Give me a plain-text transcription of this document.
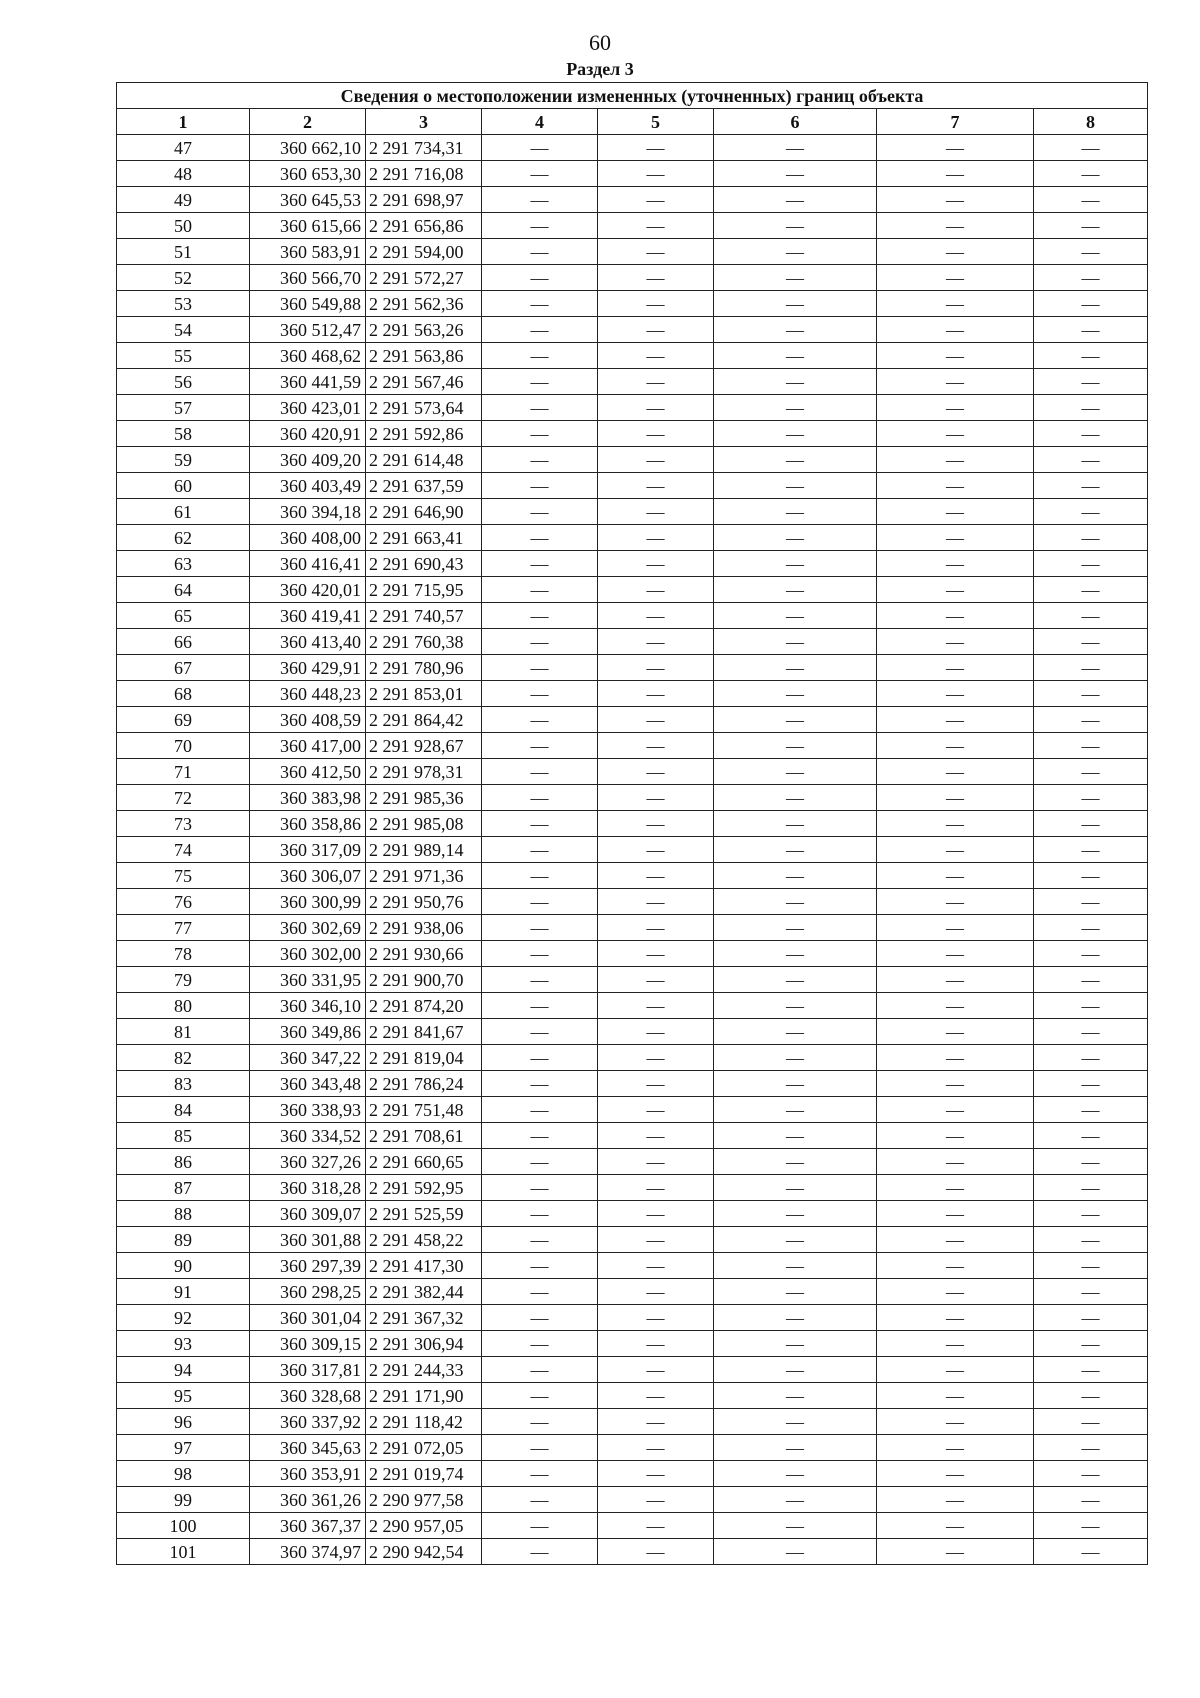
60
Раздел 3
Сведения о местоположении измененных (уточненных) границ объекта							
1	2	3	4	5	6	7	8
47	360 662,10	2 291 734,31	—	—	—	—	—
48	360 653,30	2 291 716,08	—	—	—	—	—
49	360 645,53	2 291 698,97	—	—	—	—	—
50	360 615,66	2 291 656,86	—	—	—	—	—
51	360 583,91	2 291 594,00	—	—	—	—	—
52	360 566,70	2 291 572,27	—	—	—	—	—
53	360 549,88	2 291 562,36	—	—	—	—	—
54	360 512,47	2 291 563,26	—	—	—	—	—
55	360 468,62	2 291 563,86	—	—	—	—	—
56	360 441,59	2 291 567,46	—	—	—	—	—
57	360 423,01	2 291 573,64	—	—	—	—	—
58	360 420,91	2 291 592,86	—	—	—	—	—
59	360 409,20	2 291 614,48	—	—	—	—	—
60	360 403,49	2 291 637,59	—	—	—	—	—
61	360 394,18	2 291 646,90	—	—	—	—	—
62	360 408,00	2 291 663,41	—	—	—	—	—
63	360 416,41	2 291 690,43	—	—	—	—	—
64	360 420,01	2 291 715,95	—	—	—	—	—
65	360 419,41	2 291 740,57	—	—	—	—	—
66	360 413,40	2 291 760,38	—	—	—	—	—
67	360 429,91	2 291 780,96	—	—	—	—	—
68	360 448,23	2 291 853,01	—	—	—	—	—
69	360 408,59	2 291 864,42	—	—	—	—	—
70	360 417,00	2 291 928,67	—	—	—	—	—
71	360 412,50	2 291 978,31	—	—	—	—	—
72	360 383,98	2 291 985,36	—	—	—	—	—
73	360 358,86	2 291 985,08	—	—	—	—	—
74	360 317,09	2 291 989,14	—	—	—	—	—
75	360 306,07	2 291 971,36	—	—	—	—	—
76	360 300,99	2 291 950,76	—	—	—	—	—
77	360 302,69	2 291 938,06	—	—	—	—	—
78	360 302,00	2 291 930,66	—	—	—	—	—
79	360 331,95	2 291 900,70	—	—	—	—	—
80	360 346,10	2 291 874,20	—	—	—	—	—
81	360 349,86	2 291 841,67	—	—	—	—	—
82	360 347,22	2 291 819,04	—	—	—	—	—
83	360 343,48	2 291 786,24	—	—	—	—	—
84	360 338,93	2 291 751,48	—	—	—	—	—
85	360 334,52	2 291 708,61	—	—	—	—	—
86	360 327,26	2 291 660,65	—	—	—	—	—
87	360 318,28	2 291 592,95	—	—	—	—	—
88	360 309,07	2 291 525,59	—	—	—	—	—
89	360 301,88	2 291 458,22	—	—	—	—	—
90	360 297,39	2 291 417,30	—	—	—	—	—
91	360 298,25	2 291 382,44	—	—	—	—	—
92	360 301,04	2 291 367,32	—	—	—	—	—
93	360 309,15	2 291 306,94	—	—	—	—	—
94	360 317,81	2 291 244,33	—	—	—	—	—
95	360 328,68	2 291 171,90	—	—	—	—	—
96	360 337,92	2 291 118,42	—	—	—	—	—
97	360 345,63	2 291 072,05	—	—	—	—	—
98	360 353,91	2 291 019,74	—	—	—	—	—
99	360 361,26	2 290 977,58	—	—	—	—	—
100	360 367,37	2 290 957,05	—	—	—	—	—
101	360 374,97	2 290 942,54	—	—	—	—	—
